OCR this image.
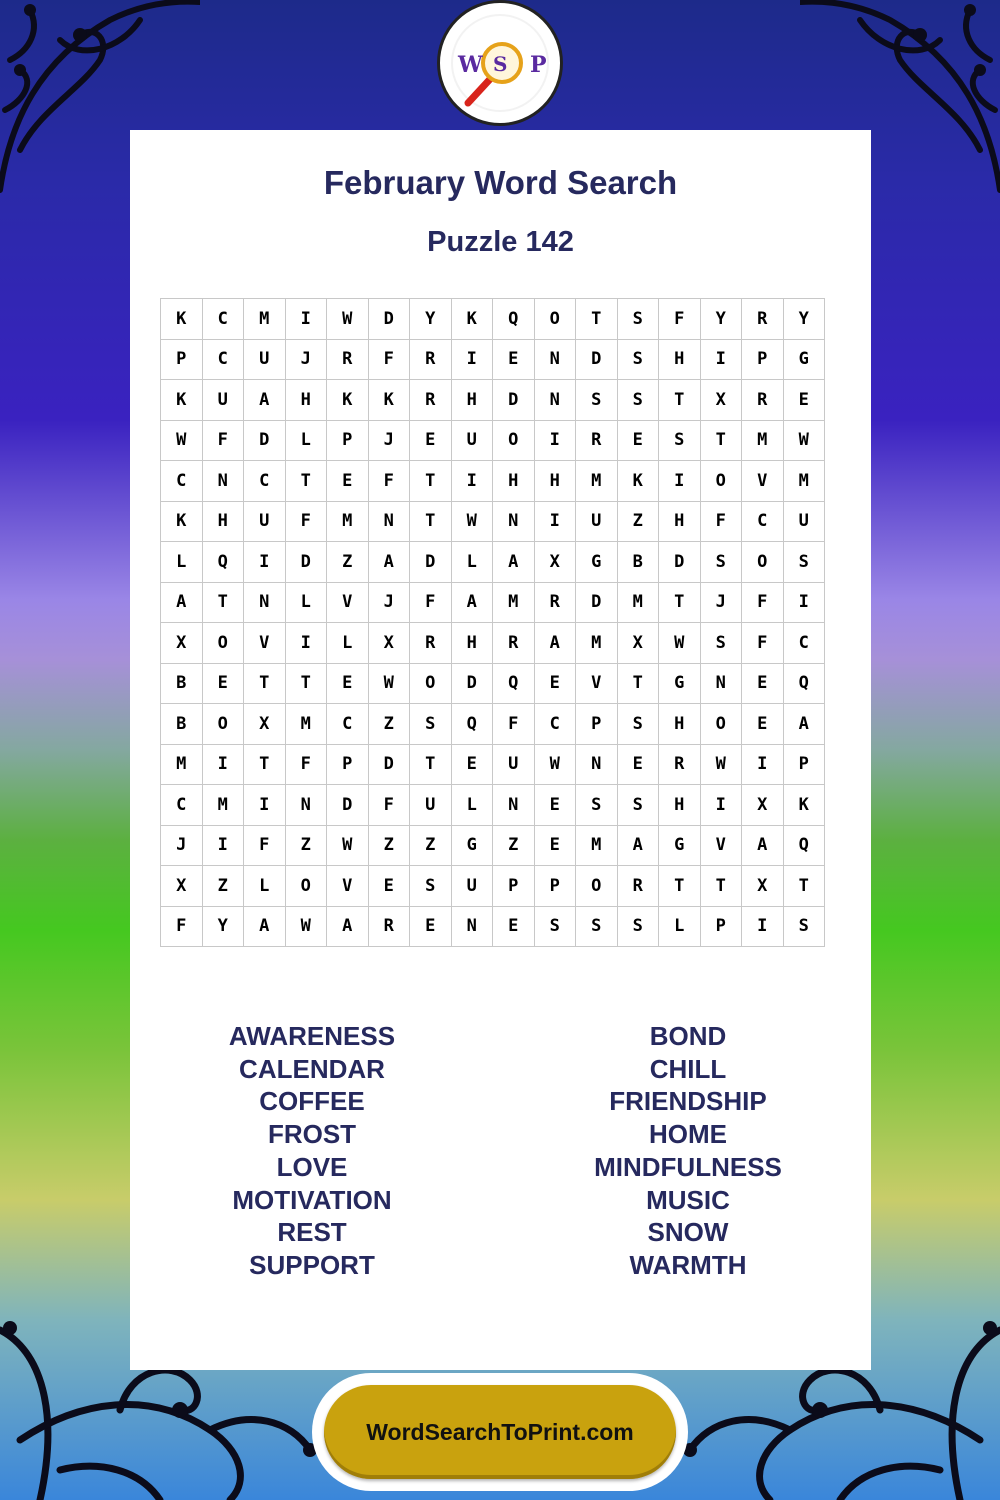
W S P
February Word Search
Puzzle 142
K	C	M	I	W	D	Y	K	Q	O	T	S	F	Y	R	Y
P	C	U	J	R	F	R	I	E	N	D	S	H	I	P	G
K	U	A	H	K	K	R	H	D	N	S	S	T	X	R	E
W	F	D	L	P	J	E	U	O	I	R	E	S	T	M	W
C	N	C	T	E	F	T	I	H	H	M	K	I	O	V	M
K	H	U	F	M	N	T	W	N	I	U	Z	H	F	C	U
L	Q	I	D	Z	A	D	L	A	X	G	B	D	S	O	S
A	T	N	L	V	J	F	A	M	R	D	M	T	J	F	I
X	O	V	I	L	X	R	H	R	A	M	X	W	S	F	C
B	E	T	T	E	W	O	D	Q	E	V	T	G	N	E	Q
B	O	X	M	C	Z	S	Q	F	C	P	S	H	O	E	A
M	I	T	F	P	D	T	E	U	W	N	E	R	W	I	P
C	M	I	N	D	F	U	L	N	E	S	S	H	I	X	K
J	I	F	Z	W	Z	Z	G	Z	E	M	A	G	V	A	Q
X	Z	L	O	V	E	S	U	P	P	O	R	T	T	X	T
F	Y	A	W	A	R	E	N	E	S	S	S	L	P	I	S
AWARENESS
CALENDAR
COFFEE
FROST
LOVE
MOTIVATION
REST
SUPPORT
BOND
CHILL
FRIENDSHIP
HOME
MINDFULNESS
MUSIC
SNOW
WARMTH
WordSearchToPrint.com
